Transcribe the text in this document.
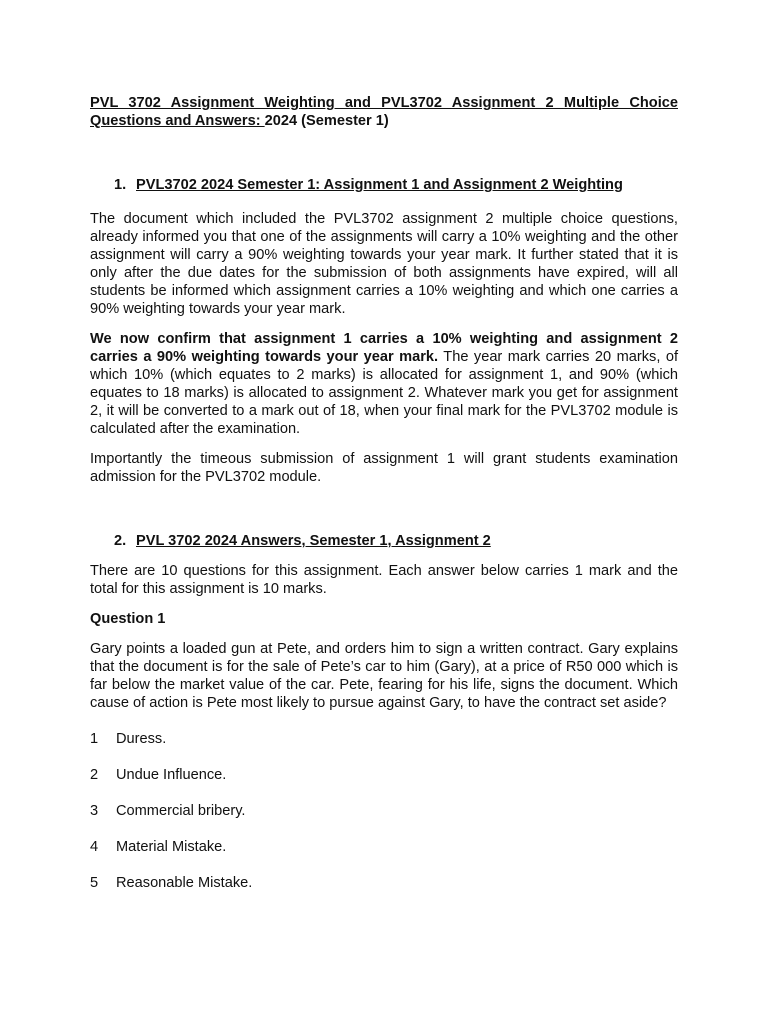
PVL 3702 Assignment Weighting and PVL3702 Assignment 2 Multiple Choice Questions and Answers: 2024 (Semester 1)

1. PVL3702 2024 Semester 1: Assignment 1 and Assignment 2 Weighting

The document which included the PVL3702 assignment 2 multiple choice questions, already informed you that one of the assignments will carry a 10% weighting and the other assignment will carry a 90% weighting towards your year mark. It further stated that it is only after the due dates for the submission of both assignments have expired, will all students be informed which assignment carries a 10% weighting and which one carries a 90% weighting towards your year mark.

We now confirm that assignment 1 carries a 10% weighting and assignment 2 carries a 90% weighting towards your year mark. The year mark carries 20 marks, of which 10% (which equates to 2 marks) is allocated for assignment 1, and 90% (which equates to 18 marks) is allocated to assignment 2. Whatever mark you get for assignment 2, it will be converted to a mark out of 18, when your final mark for the PVL3702 module is calculated after the examination.

Importantly the timeous submission of assignment 1 will grant students examination admission for the PVL3702 module.

2. PVL 3702 2024 Answers, Semester 1, Assignment 2

There are 10 questions for this assignment. Each answer below carries 1 mark and the total for this assignment is 10 marks.

Question 1

Gary points a loaded gun at Pete, and orders him to sign a written contract. Gary explains that the document is for the sale of Pete’s car to him (Gary), at a price of R50 000 which is far below the market value of the car. Pete, fearing for his life, signs the document. Which cause of action is Pete most likely to pursue against Gary, to have the contract set aside?

1	Duress.
2	Undue Influence.
3	Commercial bribery.
4	Material Mistake.
5	Reasonable Mistake.
